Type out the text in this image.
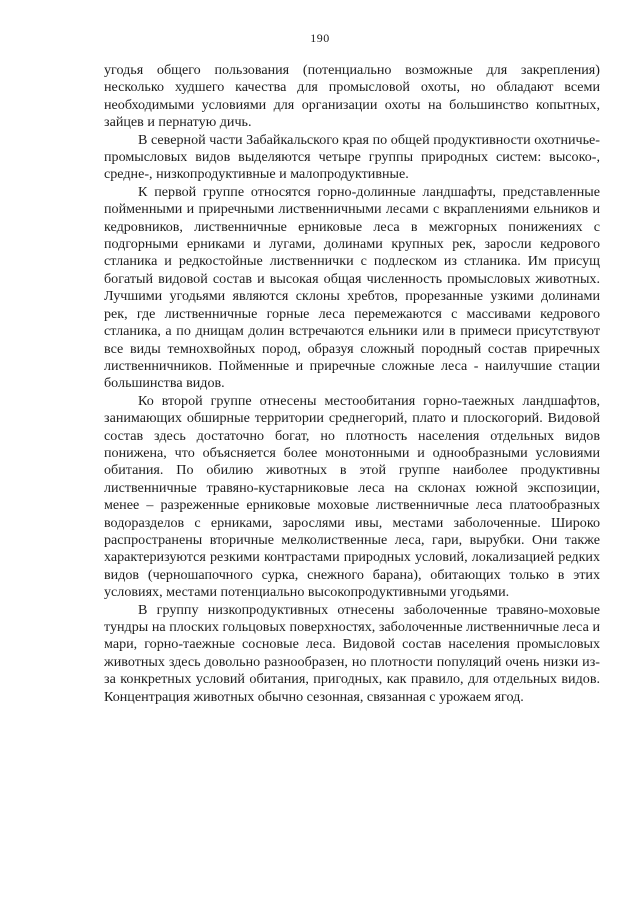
190

угодья общего пользования (потенциально возможные для закрепления) несколько худшего качества для промысловой охоты, но обладают всеми необходимыми условиями для организации охоты на большинство копытных, зайцев и пернатую дичь.

В северной части Забайкальского края по общей продуктивности охотничье-промысловых видов выделяются четыре группы природных систем: высоко-, средне-, низкопродуктивные и малопродуктивные.

К первой группе относятся горно-долинные ландшафты, представленные пойменными и приречными лиственничными лесами с вкраплениями ельников и кедровников, лиственничные ерниковые леса в межгорных понижениях с подгорными ерниками и лугами, долинами крупных рек, заросли кедрового стланика и редкостойные лиственнички с подлеском из стланика. Им присущ богатый видовой состав и высокая общая численность промысловых животных. Лучшими угодьями являются склоны хребтов, прорезанные узкими долинами рек, где лиственничные горные леса перемежаются с массивами кедрового стланика, а по днищам долин встречаются ельники или в примеси присутствуют все виды темнохвойных пород, образуя сложный породный состав приречных лиственничников. Пойменные и приречные сложные леса - наилучшие стации большинства видов.

Ко второй группе отнесены местообитания горно-таежных ландшафтов, занимающих обширные территории среднегорий, плато и плоскогорий. Видовой состав здесь достаточно богат, но плотность населения отдельных видов понижена, что объясняется более монотонными и однообразными условиями обитания. По обилию животных в этой группе наиболее продуктивны лиственничные травяно-кустарниковые леса на склонах южной экспозиции, менее – разреженные ерниковые моховые лиственничные леса платообразных водоразделов с ерниками, зарослями ивы, местами заболоченные. Широко распространены вторичные мелколиственные леса, гари, вырубки. Они также характеризуются резкими контрастами природных условий, локализацией редких видов (черношапочного сурка, снежного барана), обитающих только в этих условиях, местами потенциально высокопродуктивными угодьями.

В группу низкопродуктивных отнесены заболоченные травяно-моховые тундры на плоских гольцовых поверхностях, заболоченные лиственничные леса и мари, горно-таежные сосновые леса. Видовой состав населения промысловых животных здесь довольно разнообразен, но плотности популяций очень низки из-за конкретных условий обитания, пригодных, как правило, для отдельных видов. Концентрация животных обычно сезонная, связанная с урожаем ягод.
